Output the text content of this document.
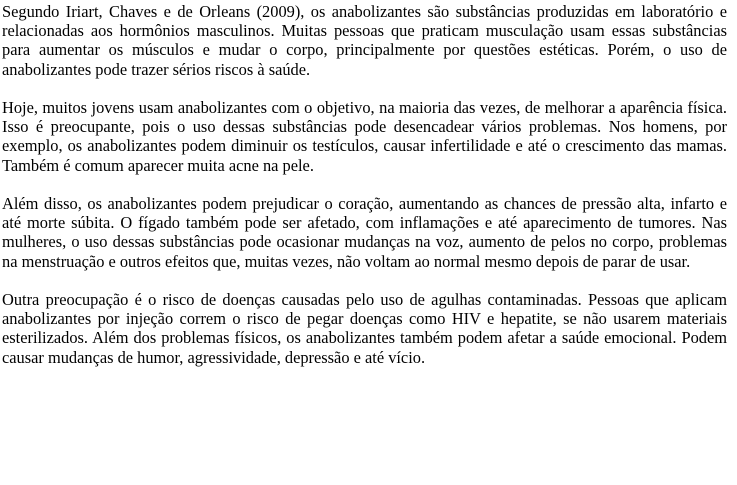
Segundo Iriart, Chaves e de Orleans (2009), os anabolizantes são substâncias produzidas em laboratório e relacionadas aos hormônios masculinos. Muitas pessoas que praticam musculação usam essas substâncias para aumentar os músculos e mudar o corpo, principalmente por questões estéticas. Porém, o uso de anabolizantes pode trazer sérios riscos à saúde.

Hoje, muitos jovens usam anabolizantes com o objetivo, na maioria das vezes, de melhorar a aparência física. Isso é preocupante, pois o uso dessas substâncias pode desencadear vários problemas. Nos homens, por exemplo, os anabolizantes podem diminuir os testículos, causar infertilidade e até o crescimento das mamas. Também é comum aparecer muita acne na pele.

Além disso, os anabolizantes podem prejudicar o coração, aumentando as chances de pressão alta, infarto e até morte súbita. O fígado também pode ser afetado, com inflamações e até aparecimento de tumores. Nas mulheres, o uso dessas substâncias pode ocasionar mudanças na voz, aumento de pelos no corpo, problemas na menstruação e outros efeitos que, muitas vezes, não voltam ao normal mesmo depois de parar de usar.

Outra preocupação é o risco de doenças causadas pelo uso de agulhas contaminadas. Pessoas que aplicam anabolizantes por injeção correm o risco de pegar doenças como HIV e hepatite, se não usarem materiais esterilizados. Além dos problemas físicos, os anabolizantes também podem afetar a saúde emocional. Podem causar mudanças de humor, agressividade, depressão e até vício.
